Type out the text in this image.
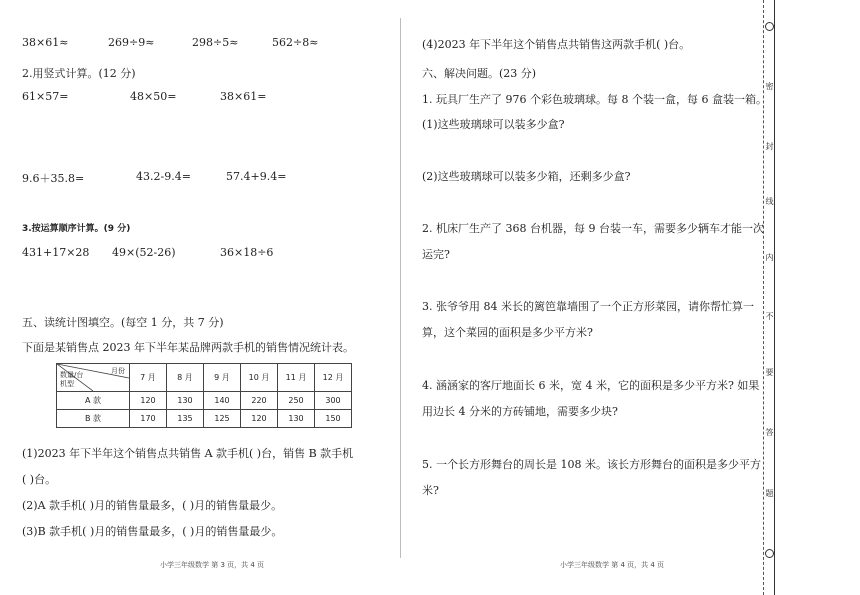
38×61≈	269÷9≈	298÷5≈	562÷8≈
2.用竖式计算。(12 分)
61×57=	48×50=	38×61=
9.6＋35.8=	43.2-9.4=	57.4+9.4=
3.按运算顺序计算。(9 分)
431+17×28 49×(52-26)	36×18÷6
五、读统计图填空。(每空 1 分，共 7 分)
下面是某销售点 2023 年下半年某品牌两款手机的销售情况统计表。
月份
数量/台
机型	7 月	8 月	9 月	10 月	11 月	12 月
A 款	120	130	140	220	250	300
B 款	170	135	125	120	130	150
(1)2023 年下半年这个销售点共销售 A 款手机( )台，销售 B 款手机
( )台。
(2)A 款手机( )月的销售量最多，( )月的销售量最少。
(3)B 款手机( )月的销售量最多，( )月的销售量最少。
小学三年级数学 第 3 页，共 4 页
(4)2023 年下半年这个销售点共销售这两款手机( )台。
六、解决问题。(23 分)
1. 玩具厂生产了 976 个彩色玻璃球。每 8 个装一盒，每 6 盒装一箱。
(1)这些玻璃球可以装多少盒?
(2)这些玻璃球可以装多少箱，还剩多少盒?
2. 机床厂生产了 368 台机器，每 9 台装一车，需要多少辆车才能一次
运完?
3. 张爷爷用 84 米长的篱笆靠墙围了一个正方形菜园，请你帮忙算一
算，这个菜园的面积是多少平方米?
4. 涵涵家的客厅地面长 6 米，宽 4 米，它的面积是多少平方米? 如果
用边长 4 分米的方砖铺地，需要多少块?
5. 一个长方形舞台的周长是 108 米。该长方形舞台的面积是多少平方
米?
小学三年级数学 第 4 页，共 4 页
密
封
线
内
不
要
答
题
